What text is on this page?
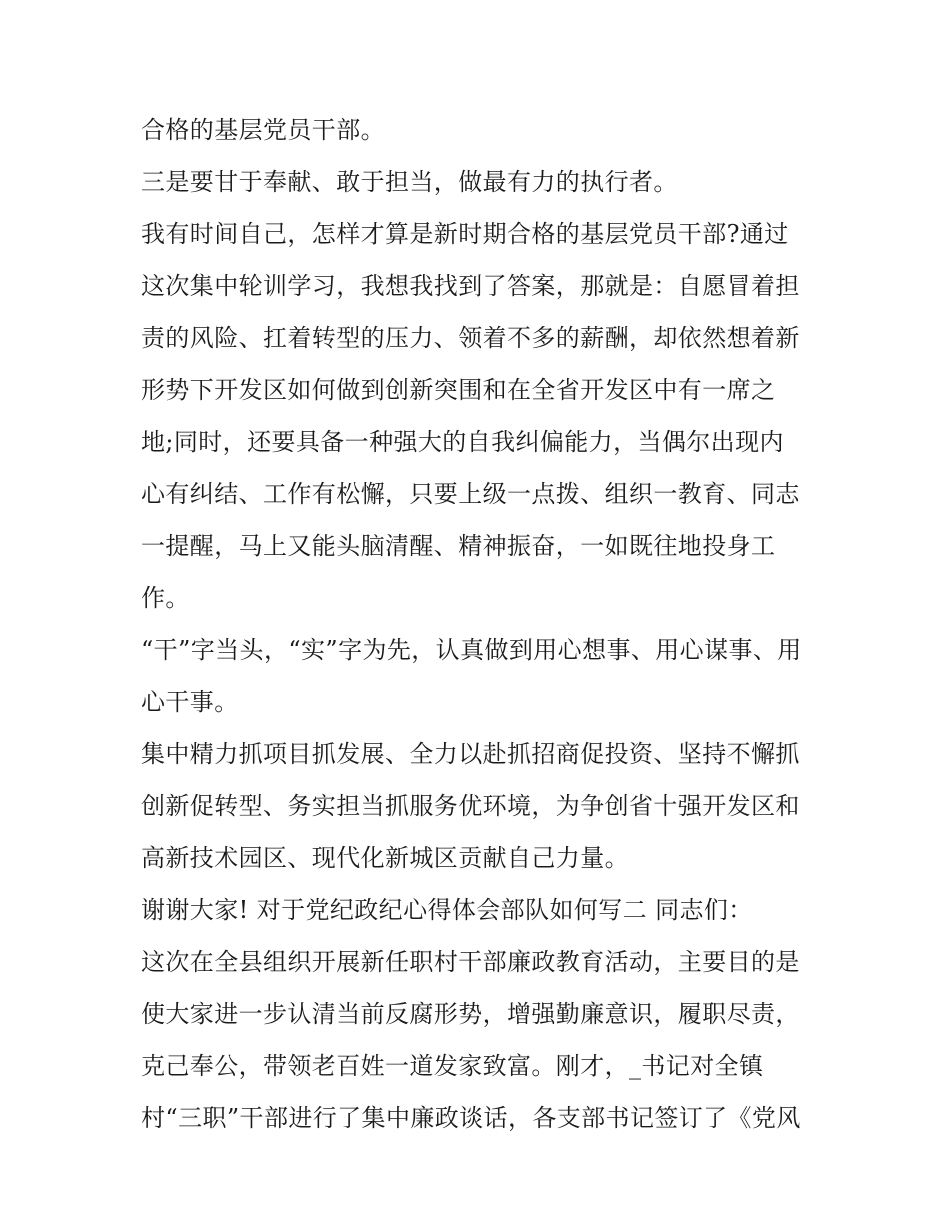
合格的基层党员干部。
三是要甘于奉献、敢于担当，做最有力的执行者。
我有时间自己，怎样才算是新时期合格的基层党员干部?通过
这次集中轮训学习，我想我找到了答案，那就是：自愿冒着担
责的风险、扛着转型的压力、领着不多的薪酬，却依然想着新
形势下开发区如何做到创新突围和在全省开发区中有一席之
地;同时，还要具备一种强大的自我纠偏能力，当偶尔出现内
心有纠结、工作有松懈，只要上级一点拨、组织一教育、同志
一提醒，马上又能头脑清醒、精神振奋，一如既往地投身工
作。
“干”字当头，“实”字为先，认真做到用心想事、用心谋事、用
心干事。
集中精力抓项目抓发展、全力以赴抓招商促投资、坚持不懈抓
创新促转型、务实担当抓服务优环境，为争创省十强开发区和
高新技术园区、现代化新城区贡献自己力量。
谢谢大家! 对于党纪政纪心得体会部队如何写二 同志们：
这次在全县组织开展新任职村干部廉政教育活动，主要目的是
使大家进一步认清当前反腐形势，增强勤廉意识，履职尽责，
克己奉公，带领老百姓一道发家致富。刚才，_书记对全镇
村“三职”干部进行了集中廉政谈话，各支部书记签订了《党风
